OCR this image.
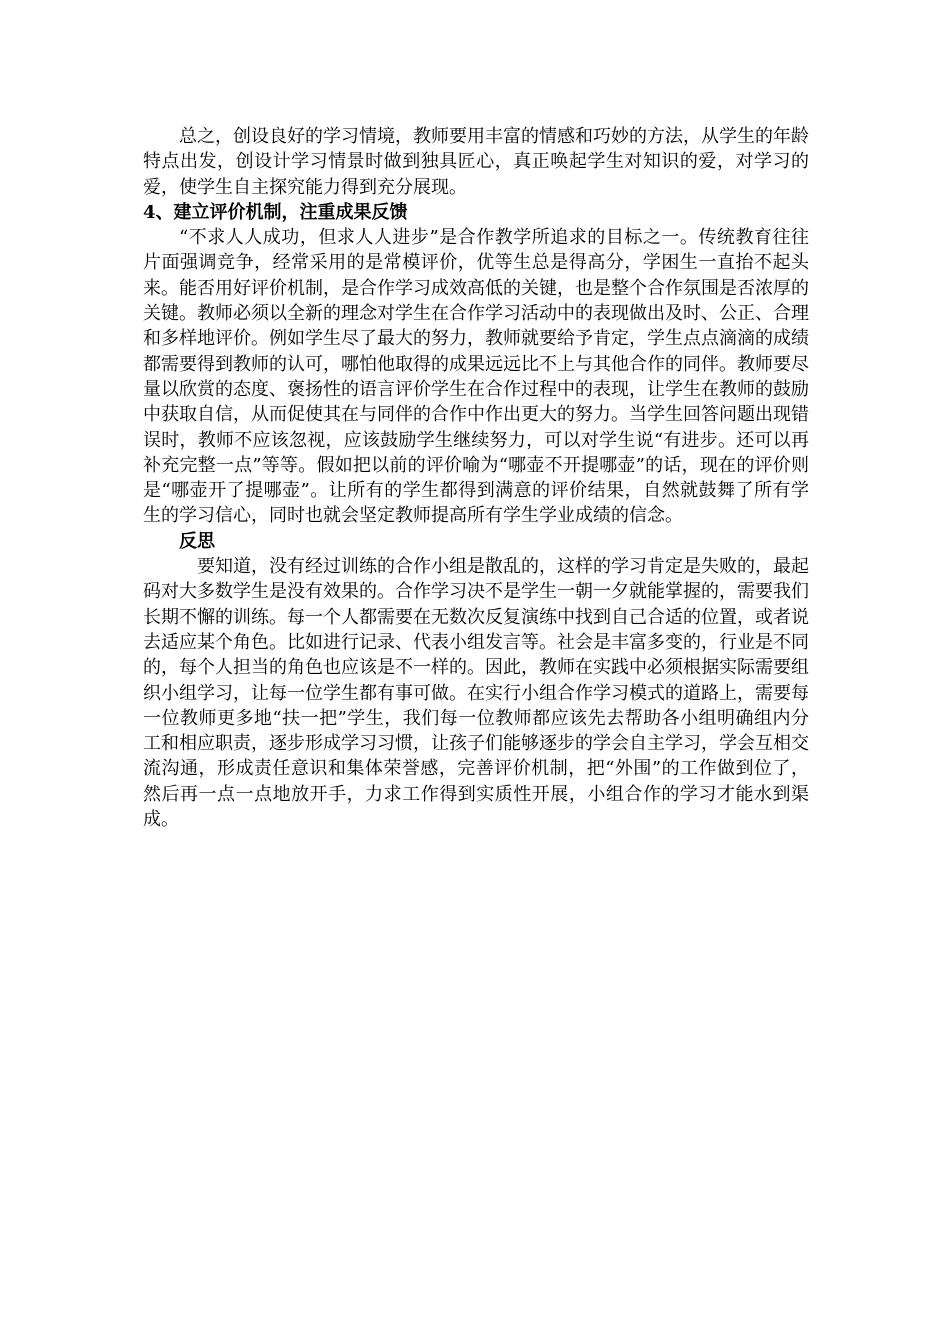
总之，创设良好的学习情境，教师要用丰富的情感和巧妙的方法，从学生的年龄特点出发，创设计学习情景时做到独具匠心，真正唤起学生对知识的爱，对学习的爱，使学生自主探究能力得到充分展现。

4、建立评价机制，注重成果反馈

“不求人人成功，但求人人进步”是合作教学所追求的目标之一。传统教育往往片面强调竞争，经常采用的是常模评价，优等生总是得高分，学困生一直抬不起头来。能否用好评价机制，是合作学习成效高低的关键，也是整个合作氛围是否浓厚的关键。教师必须以全新的理念对学生在合作学习活动中的表现做出及时、公正、合理和多样地评价。例如学生尽了最大的努力，教师就要给予肯定，学生点点滴滴的成绩都需要得到教师的认可，哪怕他取得的成果远远比不上与其他合作的同伴。教师要尽量以欣赏的态度、褒扬性的语言评价学生在合作过程中的表现，让学生在教师的鼓励中获取自信，从而促使其在与同伴的合作中作出更大的努力。当学生回答问题出现错误时，教师不应该忽视，应该鼓励学生继续努力，可以对学生说“有进步。还可以再补充完整一点”等等。假如把以前的评价喻为“哪壶不开提哪壶”的话，现在的评价则是“哪壶开了提哪壶”。让所有的学生都得到满意的评价结果，自然就鼓舞了所有学生的学习信心，同时也就会坚定教师提高所有学生学业成绩的信念。

反思

要知道，没有经过训练的合作小组是散乱的，这样的学习肯定是失败的，最起码对大多数学生是没有效果的。合作学习决不是学生一朝一夕就能掌握的，需要我们长期不懈的训练。每一个人都需要在无数次反复演练中找到自己合适的位置，或者说去适应某个角色。比如进行记录、代表小组发言等。社会是丰富多变的，行业是不同的，每个人担当的角色也应该是不一样的。因此，教师在实践中必须根据实际需要组织小组学习，让每一位学生都有事可做。在实行小组合作学习模式的道路上，需要每一位教师更多地“扶一把”学生，我们每一位教师都应该先去帮助各小组明确组内分工和相应职责，逐步形成学习习惯，让孩子们能够逐步的学会自主学习，学会互相交流沟通，形成责任意识和集体荣誉感，完善评价机制，把“外围”的工作做到位了，然后再一点一点地放开手，力求工作得到实质性开展，小组合作的学习才能水到渠成。
